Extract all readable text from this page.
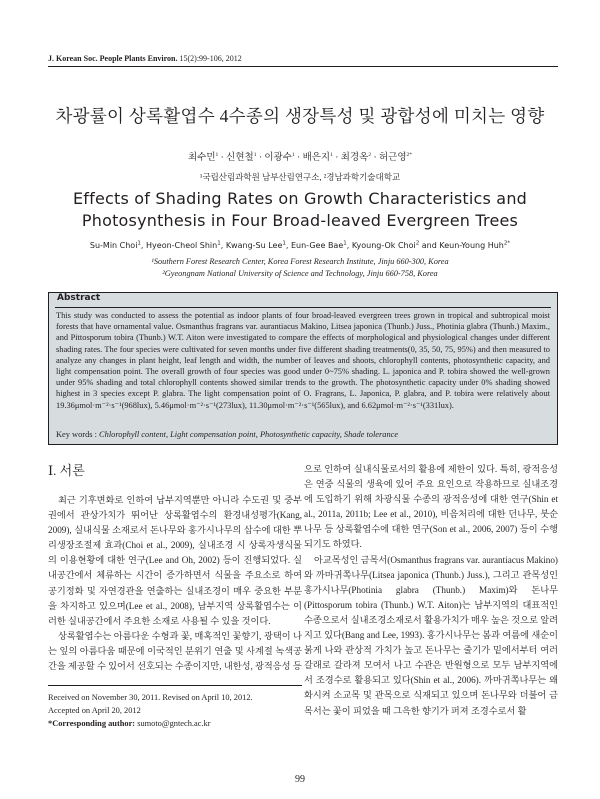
J. Korean Soc. People Plants Environ. 15(2):99-106, 2012
차광률이 상록활엽수 4수종의 생장특성 및 광합성에 미치는 영향
최수민$^1$ · 신현철$^1$ · 이광수$^1$ · 배은지$^1$ · 최경옥$^2$ · 허근영$^{2*}$
¹국립산림과학원 남부산림연구소, ²경남과학기술대학교
Effects of Shading Rates on Growth Characteristics and
Photosynthesis in Four Broad-leaved Evergreen Trees
Su-Min Choi$^1$, Hyeon-Cheol Shin$^1$, Kwang-Su Lee$^1$, Eun-Gee Bae$^1$, Kyoung-Ok Choi$^2$ and Keun-Young Huh$^{2*}$
¹Southern Forest Research Center, Korea Forest Research Institute, Jinju 660-300, Korea
²Gyeongnam National University of Science and Technology, Jinju 660-758, Korea
Abstract
This study was conducted to assess the potential as indoor plants of four broad-leaved evergreen trees grown in tropical and subtropical moist forests that have ornamental value. Osmanthus fragrans var. aurantiacus Makino, Litsea japonica (Thunb.) Juss., Photinia glabra (Thunb.) Maxim., and Pittosporum tobira (Thunb.) W.T. Aiton were investigated to compare the effects of morphological and physiological changes under different shading rates. The four species were cultivated for seven months under five different shading treatments(0, 35, 50, 75, 95%) and then measured to analyze any changes in plant height, leaf length and width, the number of leaves and shoots, chlorophyll contents, photosynthetic capacity, and light compensation point. The overall growth of four species was good under 0~75% shading. L. japonica and P. tobira showed the well-grown under 95% shading and total chlorophyll contents showed similar trends to the growth. The photosynthetic capacity under 0% shading showed highest in 3 species except P. glabra. The light compensation point of O. Fragrans, L. Japonica, P. glabra, and P. tobira were relatively about 19.36μmol·m⁻²·s⁻¹(968lux), 5.46μmol·m⁻²·s⁻¹(273lux), 11.30μmol·m⁻²·s⁻¹(565lux), and 6.62μmol·m⁻²·s⁻¹(331lux).
Key words : Chlorophyll content, Light compensation point, Photosynthetic capacity, Shade tolerance
Ⅰ. 서론

최근 기후변화로 인하여 남부지역뿐만 아니라 수도권 및 중부권에서 관상가치가 뛰어난 상록활엽수의 환경내성평가(Kang, 2009), 실내식물 소재로서 돈나무와 홍가시나무의 삽수에 대한 뿌리생장조절제 효과(Choi et al., 2009), 실내조경 시 상록자생식물의 이용현황에 대한 연구(Lee and Oh, 2002) 등이 진행되었다. 실내공간에서 체류하는 시간이 증가하면서 식물을 주요소로 하여 공기정화 및 자연경관을 연출하는 실내조경이 매우 중요한 부분을 차지하고 있으며(Lee et al., 2008), 남부지역 상록활엽수는 이러한 실내공간에서 주요한 소재로 사용될 수 있을 것이다.

상록활엽수는 아름다운 수형과 꽃, 매혹적인 꽃향기, 광택이 나는 잎의 아름다움 때문에 이국적인 분위기 연출 및 사계절 녹색공간을 제공할 수 있어서 선호되는 수종이지만, 내한성, 광적응성 등

으로 인하여 실내식물로서의 활용에 제한이 있다. 특히, 광적응성은 연중 식물의 생육에 있어 주요 요인으로 작용하므로 실내조경에 도입하기 위해 차광식물 수종의 광적응성에 대한 연구(Shin et al., 2011a, 2011b; Lee et al., 2010), 비음처리에 대한 던나무, 붓순나무 등 상록활엽수에 대한 연구(Son et al., 2006, 2007) 등이 수행되기도 하였다.

아교목성인 금목서(Osmanthus fragrans var. aurantiacus Makino)와 까마귀쪽나무(Litsea japonica (Thunb.) Juss.), 그리고 관목성인 홍가시나무(Photinia glabra (Thunb.) Maxim)와 돈나무(Pittosporum tobira (Thunb.) W.T. Aiton)는 남부지역의 대표적인 수종으로서 실내조경소재로서 활용가치가 매우 높은 것으로 알려지고 있다(Bang and Lee, 1993). 홍가시나무는 봄과 여름에 새순이 붉게 나와 관상적 가치가 높고 돈나무는 줄기가 밑에서부터 여러 갈래로 갈라져 모여서 나고 수관은 반원형으로 모두 남부지역에서 조경수로 활용되고 있다(Shin et al., 2006). 까마귀쪽나무는 왜화시켜 소교목 및 관목으로 식재되고 있으며 돈나무와 더불어 금목서는 꽃이 피었을 때 그윽한 향기가 퍼져 조경수로서 활

Received on November 30, 2011. Revised on April 10, 2012.
Accepted on April 20, 2012
*Corresponding author: sumoto@gntech.ac.kr
99
